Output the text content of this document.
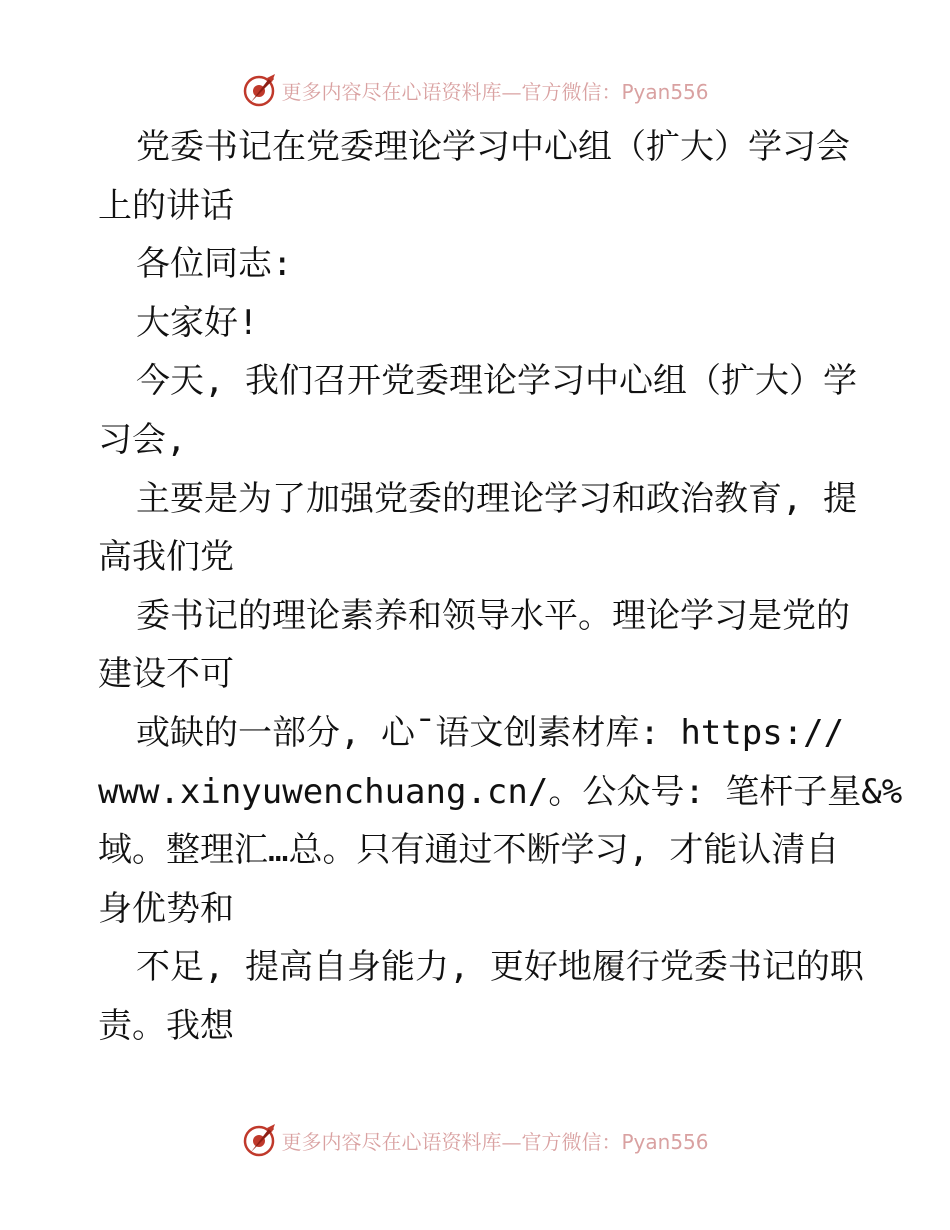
更多内容尽在心语资料库—官方微信：Pyan556
党委书记在党委理论学习中心组（扩大）学习会
上的讲话
各位同志:
大家好!
今天, 我们召开党委理论学习中心组（扩大）学
习会,
主要是为了加强党委的理论学习和政治教育, 提
高我们党
委书记的理论素养和领导水平。理论学习是党的
建设不可
或缺的一部分, 心¯语文创素材库: https://
www.xinyuwenchuang.cn/。公众号: 笔杆子星&%
域。整理汇…总。只有通过不断学习, 才能认清自
身优势和
不足, 提高自身能力, 更好地履行党委书记的职
责。我想
更多内容尽在心语资料库—官方微信：Pyan556
